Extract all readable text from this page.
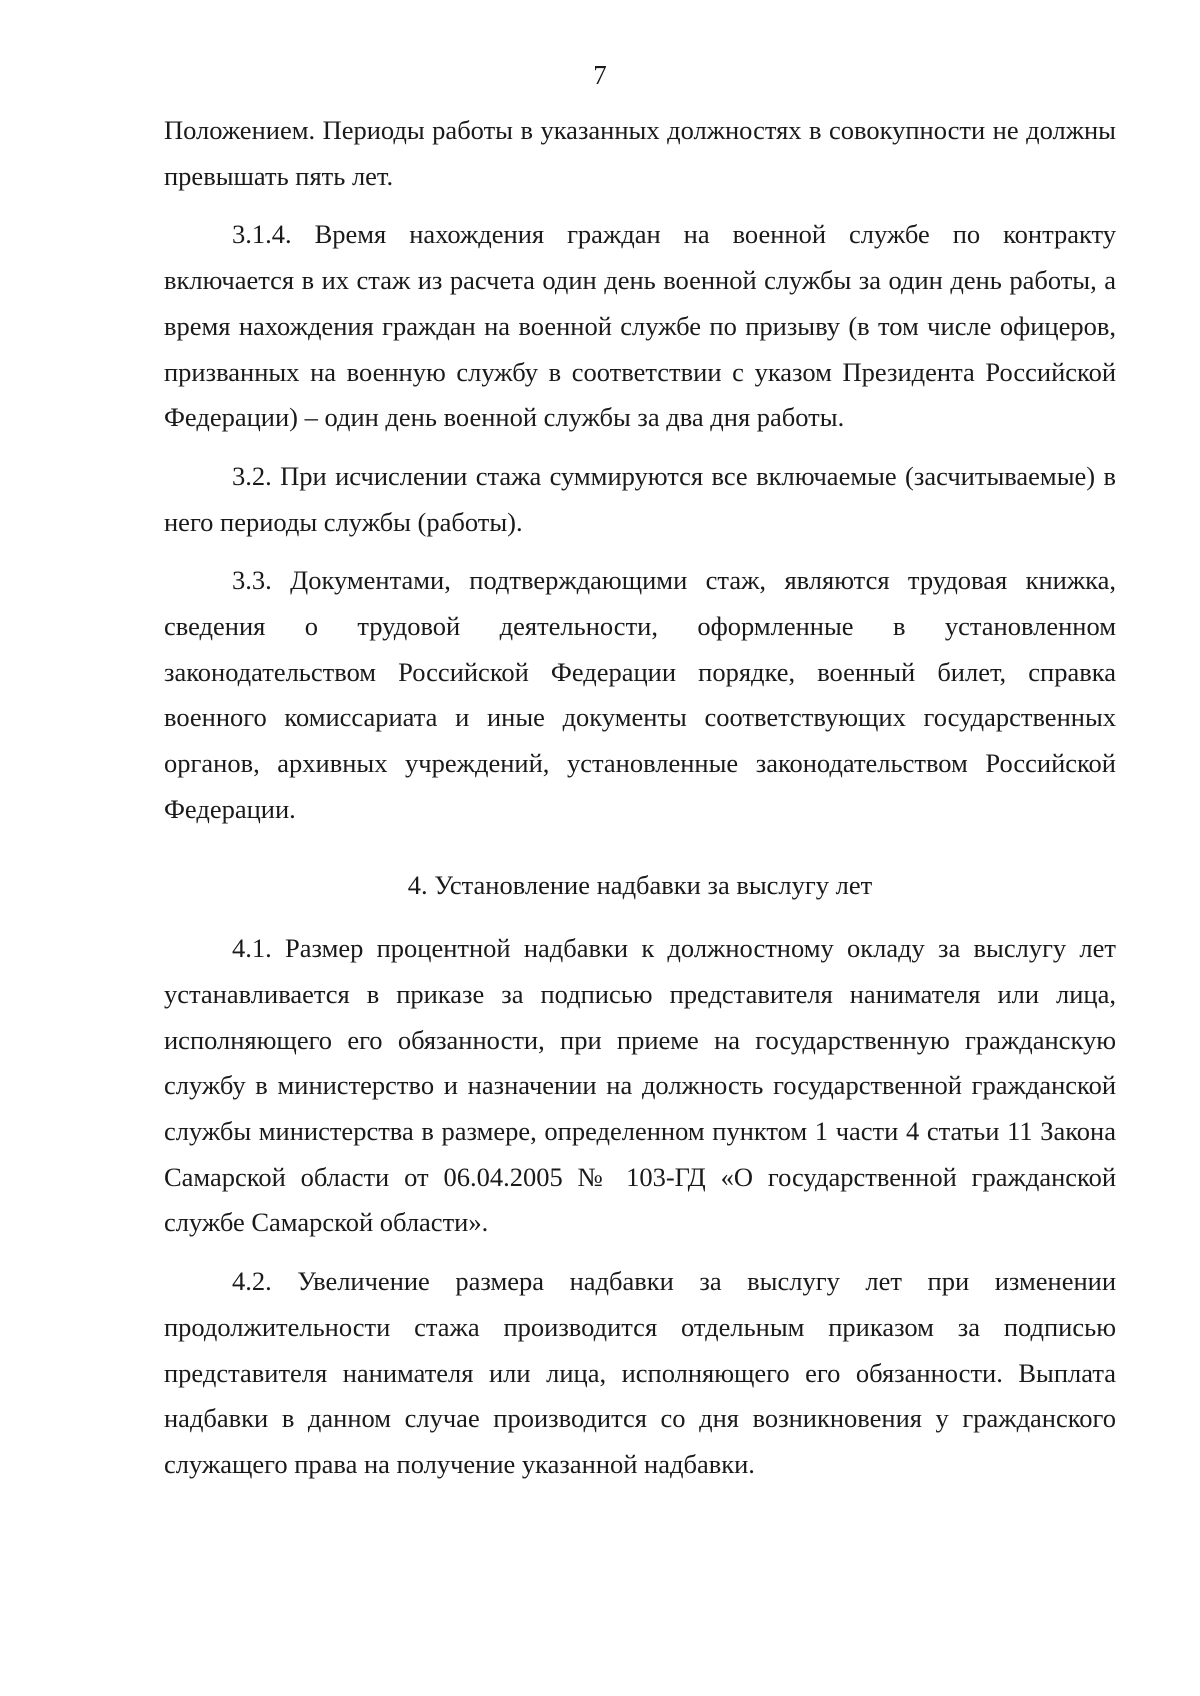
7

Положением. Периоды работы в указанных должностях в совокупности не должны превышать пять лет.

3.1.4. Время нахождения граждан на военной службе по контракту включается в их стаж из расчета один день военной службы за один день работы, а время нахождения граждан на военной службе по призыву (в том числе офицеров, призванных на военную службу в соответствии с указом Президента Российской Федерации) – один день военной службы за два дня работы.

3.2. При исчислении стажа суммируются все включаемые (засчитываемые) в него периоды службы (работы).

3.3. Документами, подтверждающими стаж, являются трудовая книжка, сведения о трудовой деятельности, оформленные в установленном законодательством Российской Федерации порядке, военный билет, справка военного комиссариата и иные документы соответствующих государственных органов, архивных учреждений, установленные законодательством Российской Федерации.

4. Установление надбавки за выслугу лет

4.1. Размер процентной надбавки к должностному окладу за выслугу лет устанавливается в приказе за подписью представителя нанимателя или лица, исполняющего его обязанности, при приеме на государственную гражданскую службу в министерство и назначении на должность государственной гражданской службы министерства в размере, определенном пунктом 1 части 4 статьи 11 Закона Самарской области от 06.04.2005 № 103-ГД «О государственной гражданской службе Самарской области».

4.2. Увеличение размера надбавки за выслугу лет при изменении продолжительности стажа производится отдельным приказом за подписью представителя нанимателя или лица, исполняющего его обязанности. Выплата надбавки в данном случае производится со дня возникновения у гражданского служащего права на получение указанной надбавки.
